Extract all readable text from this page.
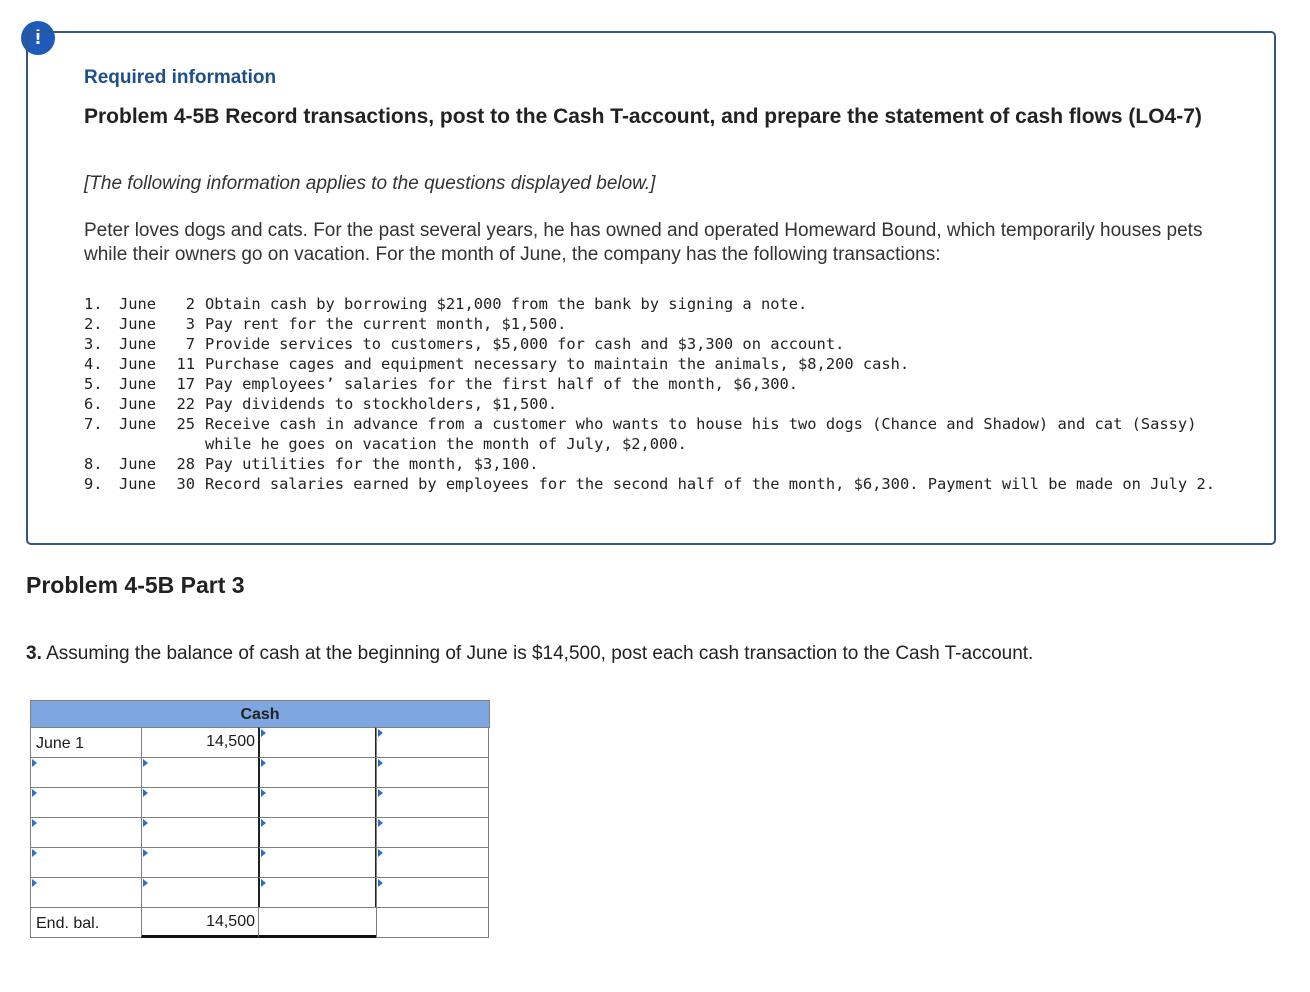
!
Required information
Problem 4-5B Record transactions, post to the Cash T-account, and prepare the statement of cash flows (LO4-7)
[The following information applies to the questions displayed below.]
Peter loves dogs and cats. For the past several years, he has owned and operated Homeward Bound, which temporarily houses pets while their owners go on vacation. For the month of June, the company has the following transactions:
1.	June	2 Obtain cash by borrowing $21,000 from the bank by signing a note.
2.	June	3 Pay rent for the current month, $1,500.
3.	June	7 Provide services to customers, $5,000 for cash and $3,300 on account.
4.	June	11 Purchase cages and equipment necessary to maintain the animals, $8,200 cash.
5.	June	17 Pay employees’ salaries for the first half of the month, $6,300.
6.	June	22 Pay dividends to stockholders, $1,500.
7.	June	25 Receive cash in advance from a customer who wants to house his two dogs (Chance and Shadow) and cat (Sassy) while he goes on vacation the month of July, $2,000.
8.	June	28 Pay utilities for the month, $3,100.
9.	June	30 Record salaries earned by employees for the second half of the month, $6,300. Payment will be made on July 2.
Problem 4-5B Part 3
3. Assuming the balance of cash at the beginning of June is $14,500, post each cash transaction to the Cash T-account.
Cash
June 1	14,500
End. bal.	14,500
